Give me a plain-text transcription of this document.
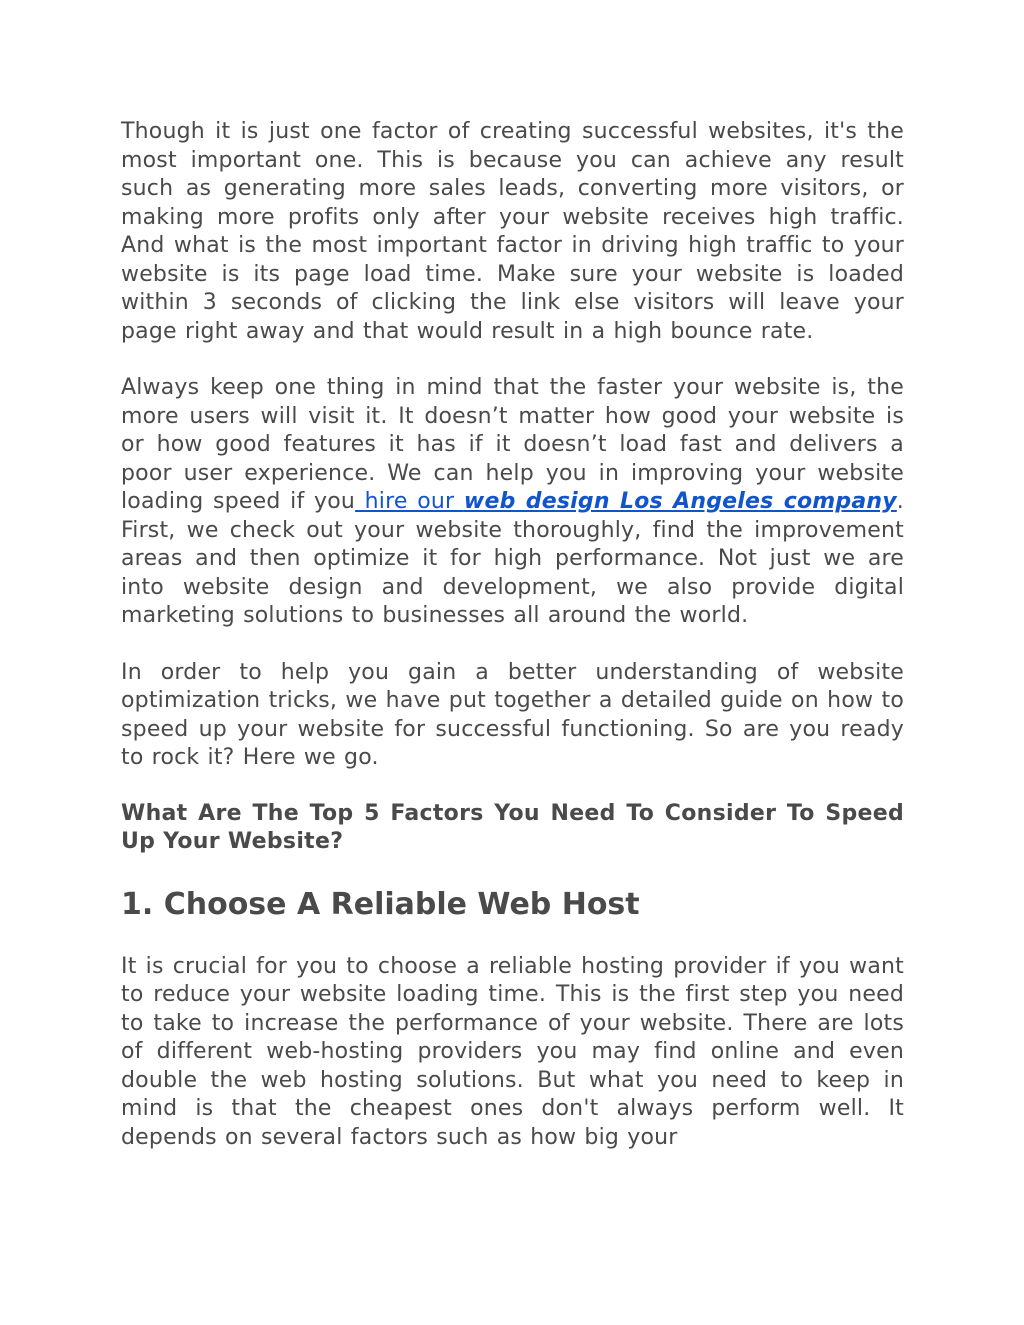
Though it is just one factor of creating successful websites, it's the most important one. This is because you can achieve any result such as generating more sales leads, converting more visitors, or making more profits only after your website receives high traffic. And what is the most important factor in driving high traffic to your website is its page load time. Make sure your website is loaded within 3 seconds of clicking the link else visitors will leave your page right away and that would result in a high bounce rate.

Always keep one thing in mind that the faster your website is, the more users will visit it. It doesn’t matter how good your website is or how good features it has if it doesn’t load fast and delivers a poor user experience. We can help you in improving your website loading speed if you hire our web design Los Angeles company. First, we check out your website thoroughly, find the improvement areas and then optimize it for high performance. Not just we are into website design and development, we also provide digital marketing solutions to businesses all around the world.

In order to help you gain a better understanding of website optimization tricks, we have put together a detailed guide on how to speed up your website for successful functioning. So are you ready to rock it? Here we go.

What Are The Top 5 Factors You Need To Consider To Speed Up Your Website?

1. Choose A Reliable Web Host

It is crucial for you to choose a reliable hosting provider if you want to reduce your website loading time. This is the first step you need to take to increase the performance of your website. There are lots of different web-hosting providers you may find online and even double the web hosting solutions. But what you need to keep in mind is that the cheapest ones don't always perform well. It depends on several factors such as how big your
